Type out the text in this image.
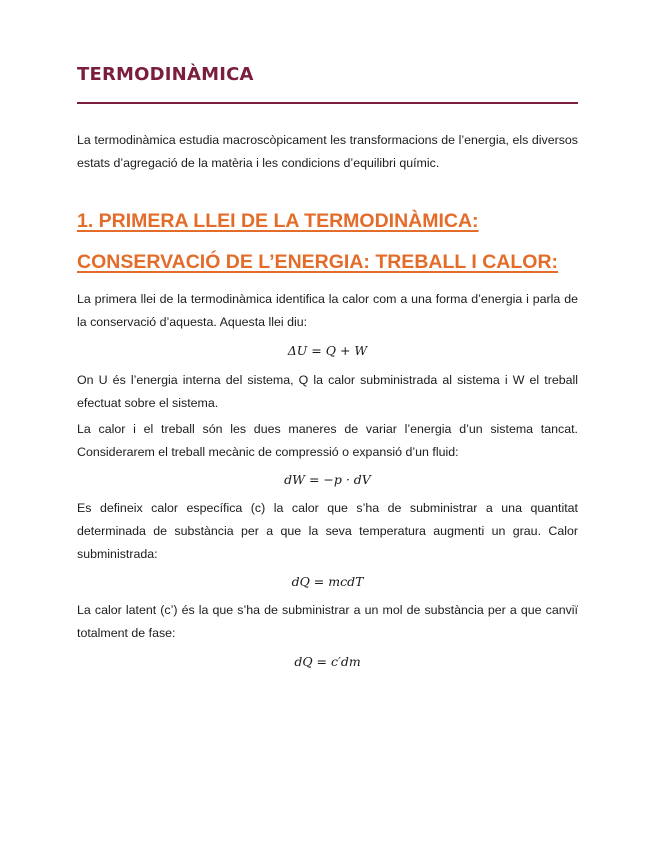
TERMODINÀMICA

La termodinàmica estudia macroscòpicament les transformacions de l’energia, els diversos estats d’agregació de la matèria i les condicions d’equilibri químic.

1. PRIMERA LLEI DE LA TERMODINÀMICA:
CONSERVACIÓ DE L’ENERGIA: TREBALL I CALOR:

La primera llei de la termodinàmica identifica la calor com a una forma d’energia i parla de la conservació d’aquesta. Aquesta llei diu:

ΔU = Q + W

On U és l’energia interna del sistema, Q la calor subministrada al sistema i W el treball efectuat sobre el sistema.

La calor i el treball són les dues maneres de variar l’energia d’un sistema tancat. Considerarem el treball mecànic de compressió o expansió d’un fluid:

dW = −p · dV

Es defineix calor específica (c) la calor que s’ha de subministrar a una quantitat determinada de substància per a que la seva temperatura augmenti un grau. Calor subministrada:

dQ = mcdT

La calor latent (c’) és la que s’ha de subministrar a un mol de substància per a que canviï totalment de fase:

dQ = c′dm
